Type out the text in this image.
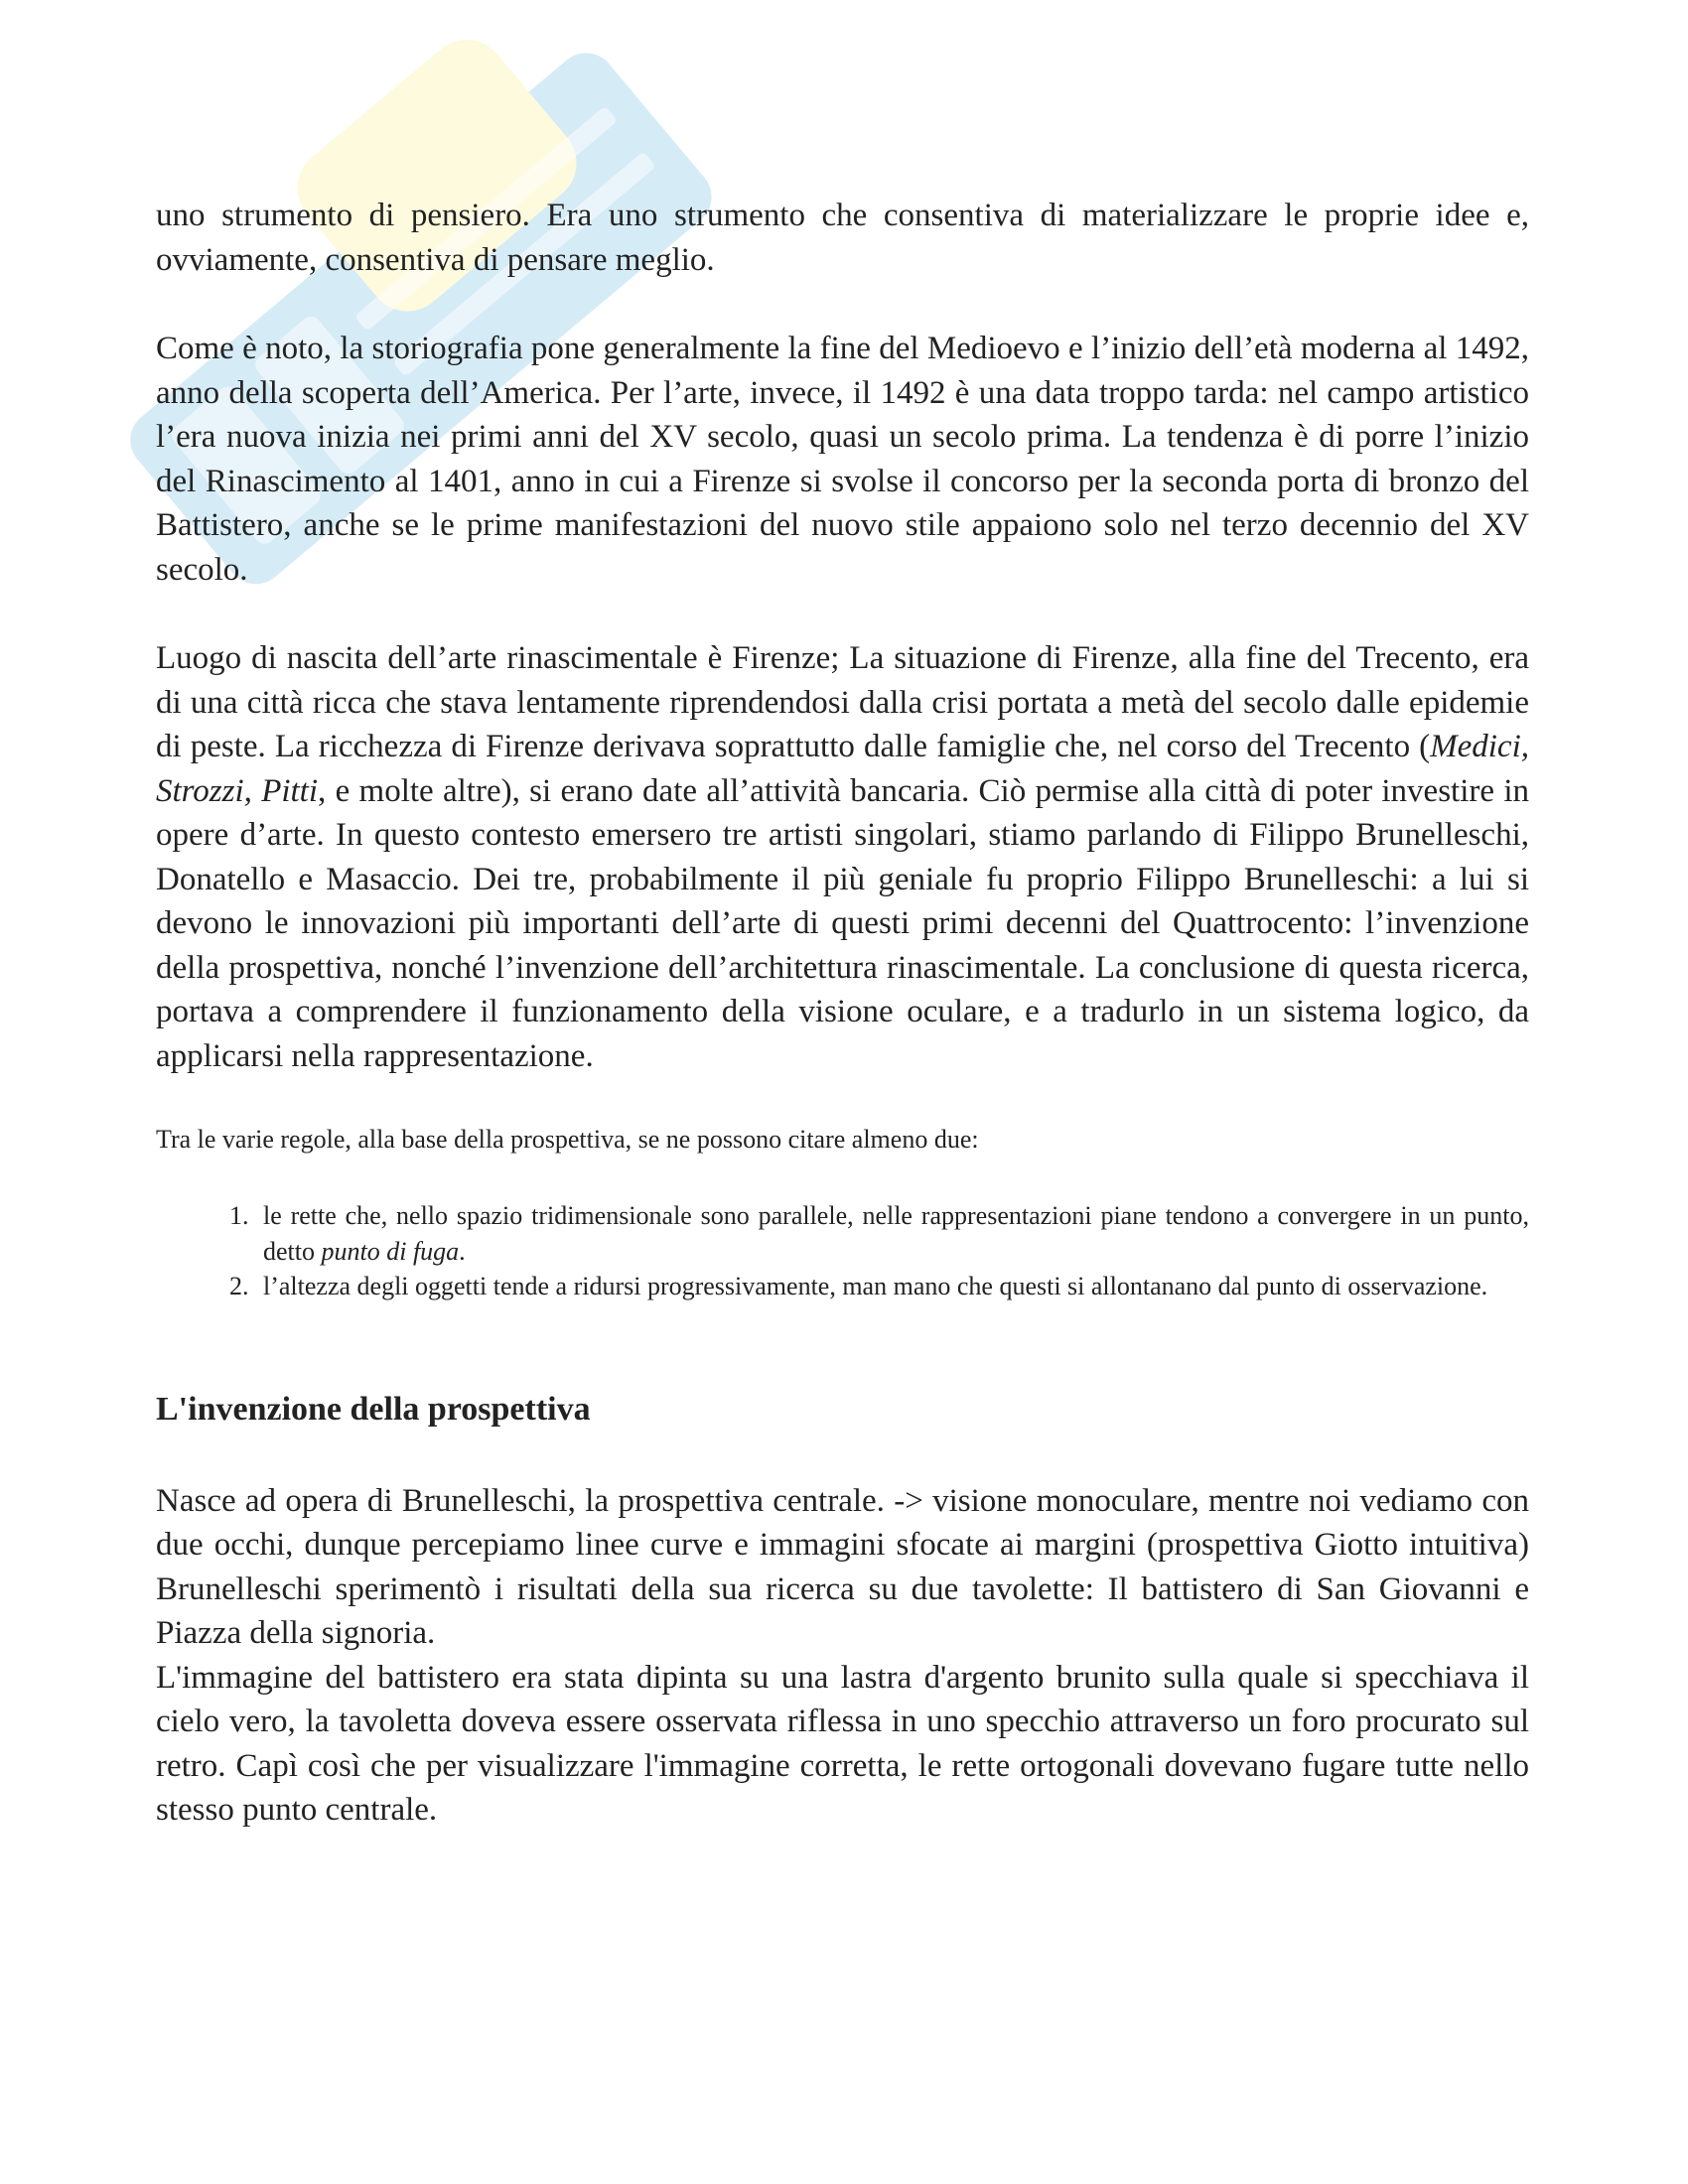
uno strumento di pensiero. Era uno strumento che consentiva di materializzare le proprie idee e, ovviamente, consentiva di pensare meglio.

Come è noto, la storiografia pone generalmente la fine del Medioevo e l’inizio dell’età moderna al 1492, anno della scoperta dell’America. Per l’arte, invece, il 1492 è una data troppo tarda: nel campo artistico l’era nuova inizia nei primi anni del XV secolo, quasi un secolo prima. La tendenza è di porre l’inizio del Rinascimento al 1401, anno in cui a Firenze si svolse il concorso per la seconda porta di bronzo del Battistero, anche se le prime manifestazioni del nuovo stile appaiono solo nel terzo decennio del XV secolo.

Luogo di nascita dell’arte rinascimentale è Firenze; La situazione di Firenze, alla fine del Trecento, era di una città ricca che stava lentamente riprendendosi dalla crisi portata a metà del secolo dalle epidemie di peste. La ricchezza di Firenze derivava soprattutto dalle famiglie che, nel corso del Trecento (Medici, Strozzi, Pitti, e molte altre), si erano date all’attività bancaria. Ciò permise alla città di poter investire in opere d’arte. In questo contesto emersero tre artisti singolari, stiamo parlando di Filippo Brunelleschi, Donatello e Masaccio. Dei tre, probabilmente il più geniale fu proprio Filippo Brunelleschi: a lui si devono le innovazioni più importanti dell’arte di questi primi decenni del Quattrocento: l’invenzione della prospettiva, nonché l’invenzione dell’architettura rinascimentale. La conclusione di questa ricerca, portava a comprendere il funzionamento della visione oculare, e a tradurlo in un sistema logico, da applicarsi nella rappresentazione.

Tra le varie regole, alla base della prospettiva, se ne possono citare almeno due:

1. le rette che, nello spazio tridimensionale sono parallele, nelle rappresentazioni piane tendono a convergere in un punto, detto punto di fuga.
2. l’altezza degli oggetti tende a ridursi progressivamente, man mano che questi si allontanano dal punto di osservazione.
L'invenzione della prospettiva

Nasce ad opera di Brunelleschi, la prospettiva centrale. -> visione monoculare, mentre noi vediamo con due occhi, dunque percepiamo linee curve e immagini sfocate ai margini (prospettiva Giotto intuitiva) Brunelleschi sperimentò i risultati della sua ricerca su due tavolette: Il battistero di San Giovanni e Piazza della signoria.

L'immagine del battistero era stata dipinta su una lastra d'argento brunito sulla quale si specchiava il cielo vero, la tavoletta doveva essere osservata riflessa in uno specchio attraverso un foro procurato sul retro. Capì così che per visualizzare l'immagine corretta, le rette ortogonali dovevano fugare tutte nello stesso punto centrale.
